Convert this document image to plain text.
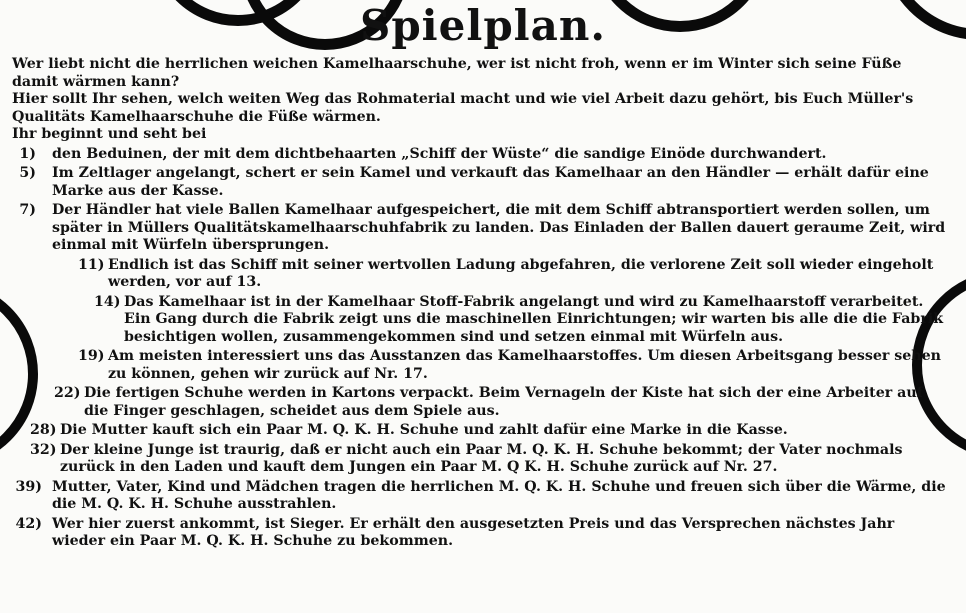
Spielplan.

Wer liebt nicht die herrlichen weichen Kamelhaarschuhe, wer ist nicht froh, wenn er im Winter sich seine Füße damit wärmen kann?

Hier sollt Ihr sehen, welch weiten Weg das Rohmaterial macht und wie viel Arbeit dazu gehört, bis Euch Müller's Qualitäts Kamelhaarschuhe die Füße wärmen.

Ihr beginnt und seht bei

1) den Beduinen, der mit dem dichtbehaarten „Schiff der Wüste“ die sandige Einöde durchwandert.
5) Im Zeltlager angelangt, schert er sein Kamel und verkauft das Kamelhaar an den Händler — erhält dafür eine Marke aus der Kasse.
7) Der Händler hat viele Ballen Kamelhaar aufgespeichert, die mit dem Schiff abtransportiert werden sollen, um später in Müllers Qualitätskamelhaarschuhfabrik zu landen. Das Einladen der Ballen dauert geraume Zeit, wird einmal mit Würfeln übersprungen.
11) Endlich ist das Schiff mit seiner wertvollen Ladung abgefahren, die verlorene Zeit soll wieder eingeholt werden, vor auf 13.
14) Das Kamelhaar ist in der Kamelhaar Stoff-Fabrik angelangt und wird zu Kamelhaarstoff verarbeitet. Ein Gang durch die Fabrik zeigt uns die maschinellen Einrichtungen; wir warten bis alle die die Fabrik besichtigen wollen, zusammengekommen sind und setzen einmal mit Würfeln aus.
19) Am meisten interessiert uns das Ausstanzen das Kamelhaarstoffes. Um diesen Arbeitsgang besser sehen zu können, gehen wir zurück auf Nr. 17.
22) Die fertigen Schuhe werden in Kartons verpackt. Beim Vernageln der Kiste hat sich der eine Arbeiter auf die Finger geschlagen, scheidet aus dem Spiele aus.
28) Die Mutter kauft sich ein Paar M. Q. K. H. Schuhe und zahlt dafür eine Marke in die Kasse.
32) Der kleine Junge ist traurig, daß er nicht auch ein Paar M. Q. K. H. Schuhe bekommt; der Vater nochmals zurück in den Laden und kauft dem Jungen ein Paar M. Q K. H. Schuhe zurück auf Nr. 27.
39) Mutter, Vater, Kind und Mädchen tragen die herrlichen M. Q. K. H. Schuhe und freuen sich über die Wärme, die die M. Q. K. H. Schuhe ausstrahlen.
42) Wer hier zuerst ankommt, ist Sieger. Er erhält den ausgesetzten Preis und das Versprechen nächstes Jahr wieder ein Paar M. Q. K. H. Schuhe zu bekommen.
